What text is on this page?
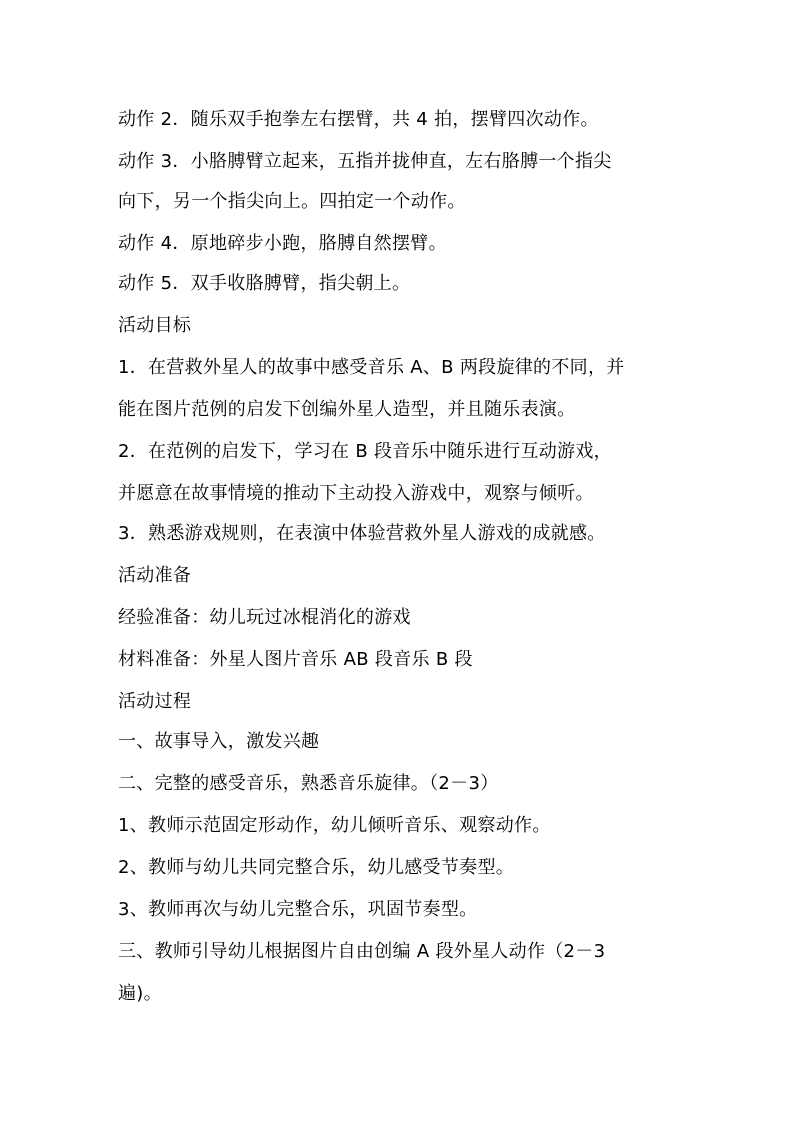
动作 2．随乐双手抱拳左右摆臂，共 4 拍，摆臂四次动作。
动作 3．小胳膊臂立起来，五指并拢伸直，左右胳膊一个指尖
向下，另一个指尖向上。四拍定一个动作。
动作 4．原地碎步小跑，胳膊自然摆臂。
动作 5．双手收胳膊臂，指尖朝上。
活动目标
1．在营救外星人的故事中感受音乐 A、B 两段旋律的不同，并
能在图片范例的启发下创编外星人造型，并且随乐表演。
2．在范例的启发下，学习在 B 段音乐中随乐进行互动游戏，
并愿意在故事情境的推动下主动投入游戏中，观察与倾听。
3．熟悉游戏规则，在表演中体验营救外星人游戏的成就感。
活动准备
经验准备：幼儿玩过冰棍消化的游戏
材料准备：外星人图片音乐 AB 段音乐 B 段
活动过程
一、故事导入，激发兴趣
二、完整的感受音乐，熟悉音乐旋律。（2－3）
1、教师示范固定形动作，幼儿倾听音乐、观察动作。
2、教师与幼儿共同完整合乐，幼儿感受节奏型。
3、教师再次与幼儿完整合乐，巩固节奏型。
三、教师引导幼儿根据图片自由创编 A 段外星人动作（2－3
遍)。
